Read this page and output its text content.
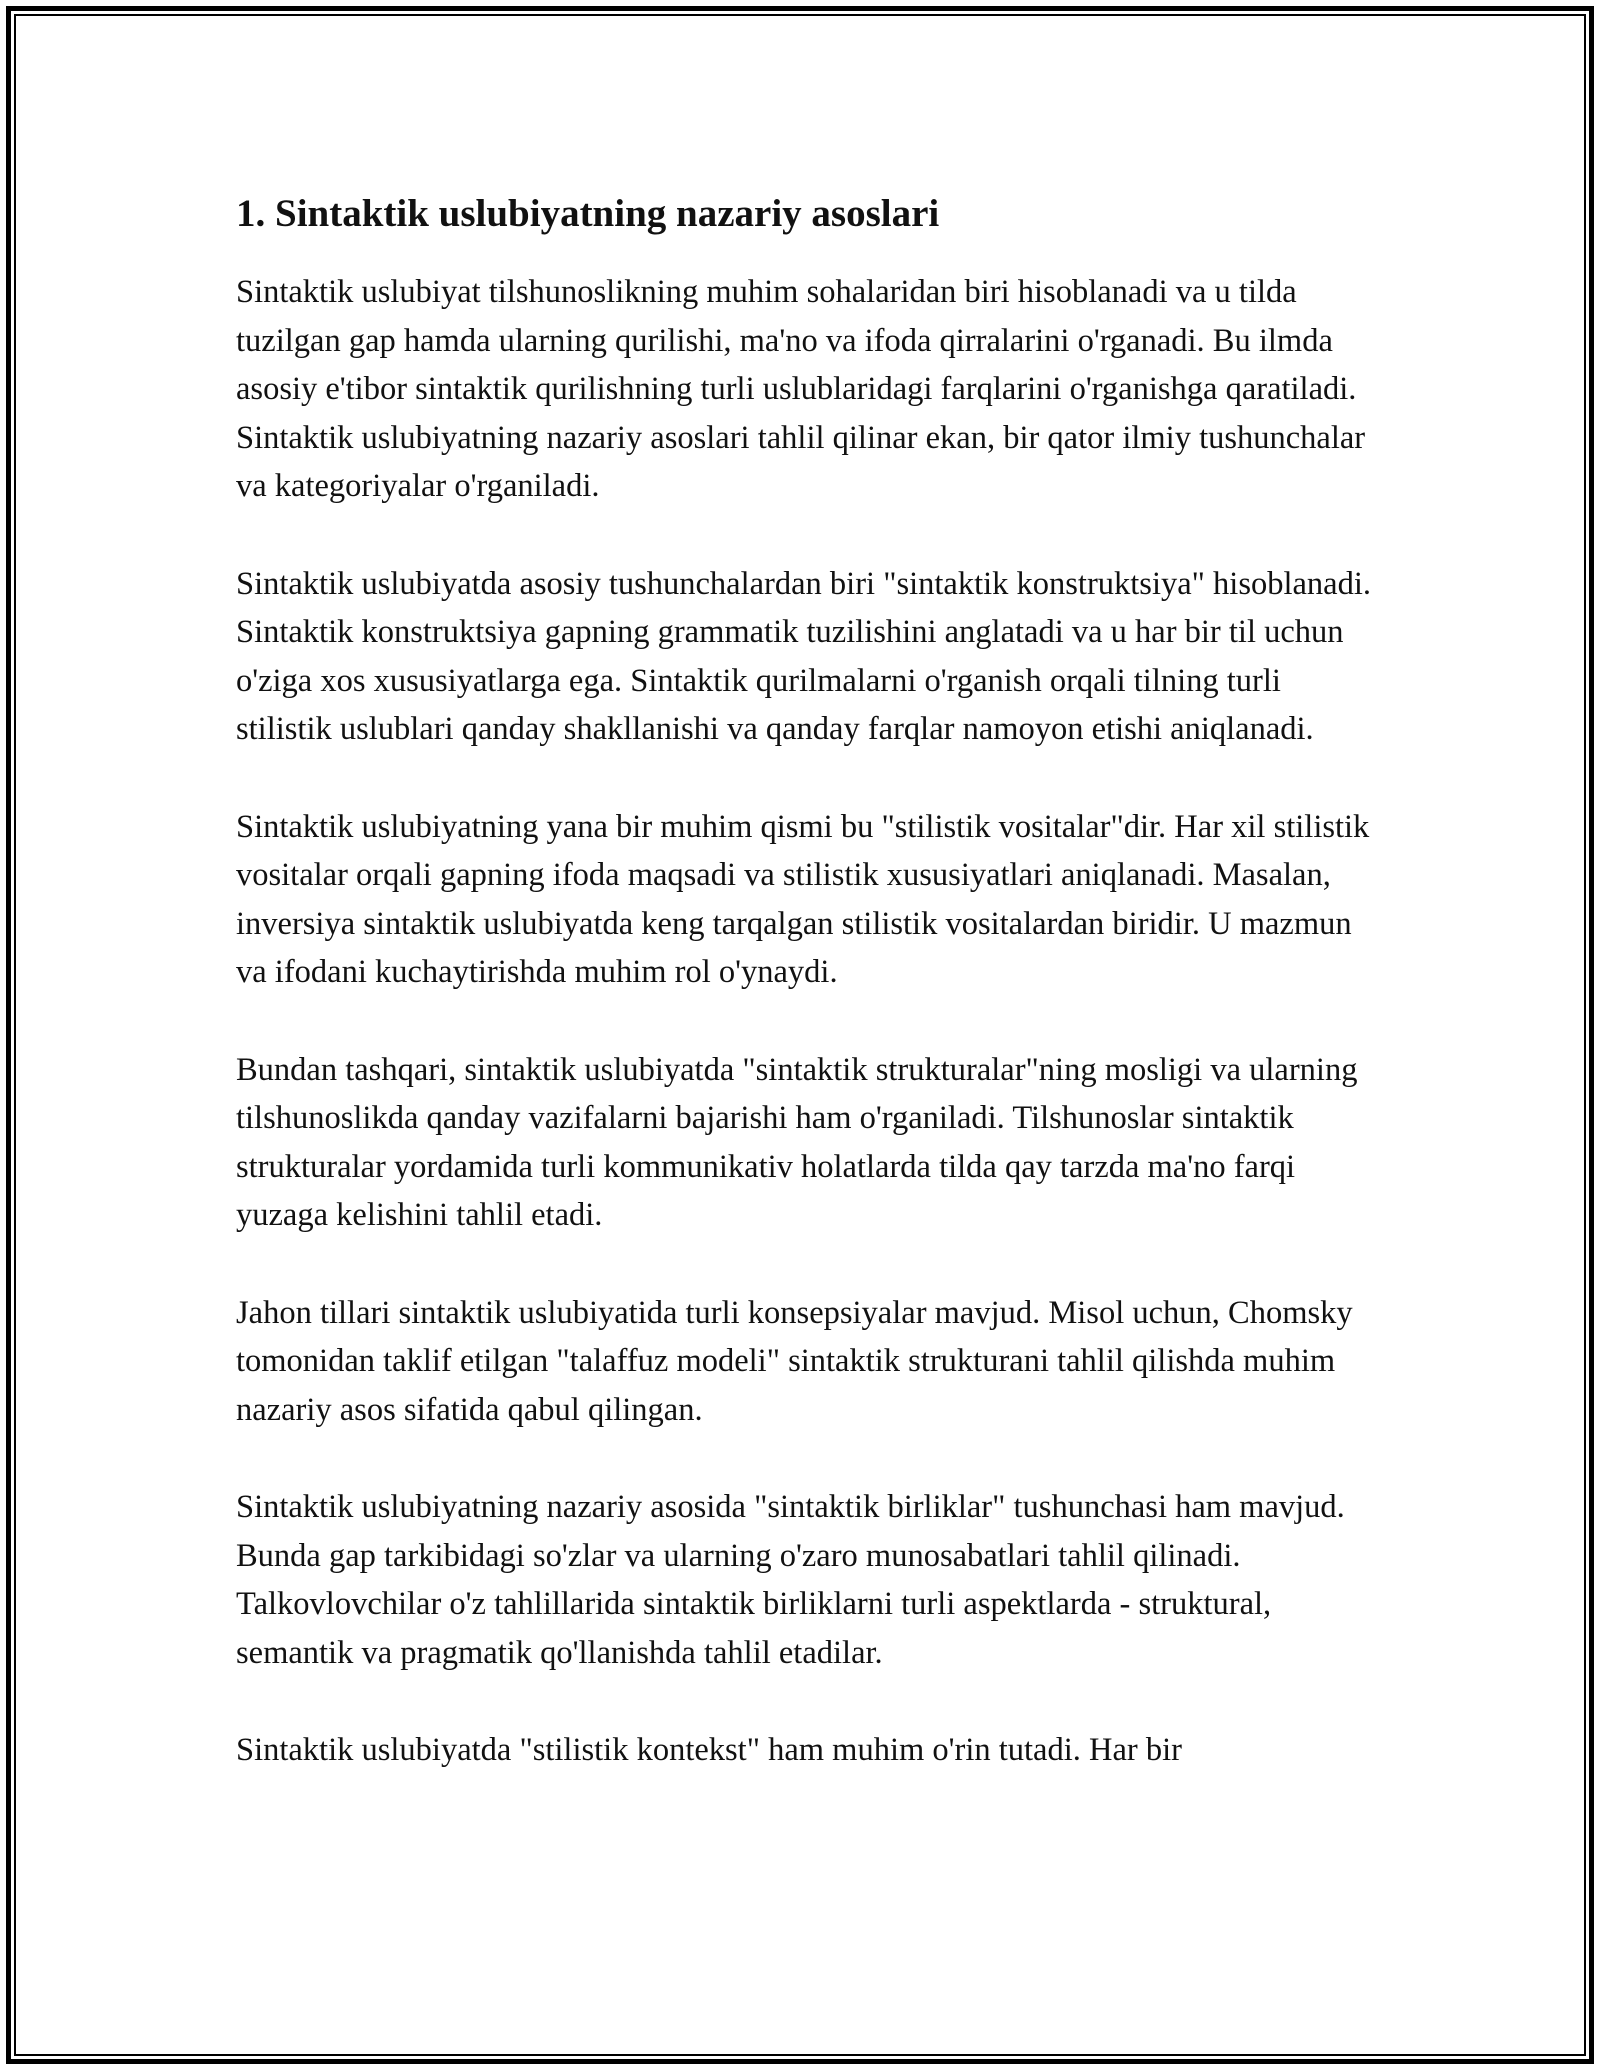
1. Sintaktik uslubiyatning nazariy asoslari

Sintaktik uslubiyat tilshunoslikning muhim sohalaridan biri hisoblanadi va u tilda tuzilgan gap hamda ularning qurilishi, ma'no va ifoda qirralarini o'rganadi. Bu ilmda asosiy e'tibor sintaktik qurilishning turli uslublaridagi farqlarini o'rganishga qaratiladi. Sintaktik uslubiyatning nazariy asoslari tahlil qilinar ekan, bir qator ilmiy tushunchalar va kategoriyalar o'rganiladi.

Sintaktik uslubiyatda asosiy tushunchalardan biri "sintaktik konstruktsiya" hisoblanadi. Sintaktik konstruktsiya gapning grammatik tuzilishini anglatadi va u har bir til uchun o'ziga xos xususiyatlarga ega. Sintaktik qurilmalarni o'rganish orqali tilning turli stilistik uslublari qanday shakllanishi va qanday farqlar namoyon etishi aniqlanadi.

Sintaktik uslubiyatning yana bir muhim qismi bu "stilistik vositalar"dir. Har xil stilistik vositalar orqali gapning ifoda maqsadi va stilistik xususiyatlari aniqlanadi. Masalan, inversiya sintaktik uslubiyatda keng tarqalgan stilistik vositalardan biridir. U mazmun va ifodani kuchaytirishda muhim rol o'ynaydi.

Bundan tashqari, sintaktik uslubiyatda "sintaktik strukturalar"ning mosligi va ularning tilshunoslikda qanday vazifalarni bajarishi ham o'rganiladi. Tilshunoslar sintaktik strukturalar yordamida turli kommunikativ holatlarda tilda qay tarzda ma'no farqi yuzaga kelishini tahlil etadi.

Jahon tillari sintaktik uslubiyatida turli konsepsiyalar mavjud. Misol uchun, Chomsky tomonidan taklif etilgan "talaffuz modeli" sintaktik strukturani tahlil qilishda muhim nazariy asos sifatida qabul qilingan.

Sintaktik uslubiyatning nazariy asosida "sintaktik birliklar" tushunchasi ham mavjud. Bunda gap tarkibidagi so'zlar va ularning o'zaro munosabatlari tahlil qilinadi. Talkovlovchilar o'z tahlillarida sintaktik birliklarni turli aspektlarda - struktural, semantik va pragmatik qo'llanishda tahlil etadilar.

Sintaktik uslubiyatda "stilistik kontekst" ham muhim o'rin tutadi. Har bir
